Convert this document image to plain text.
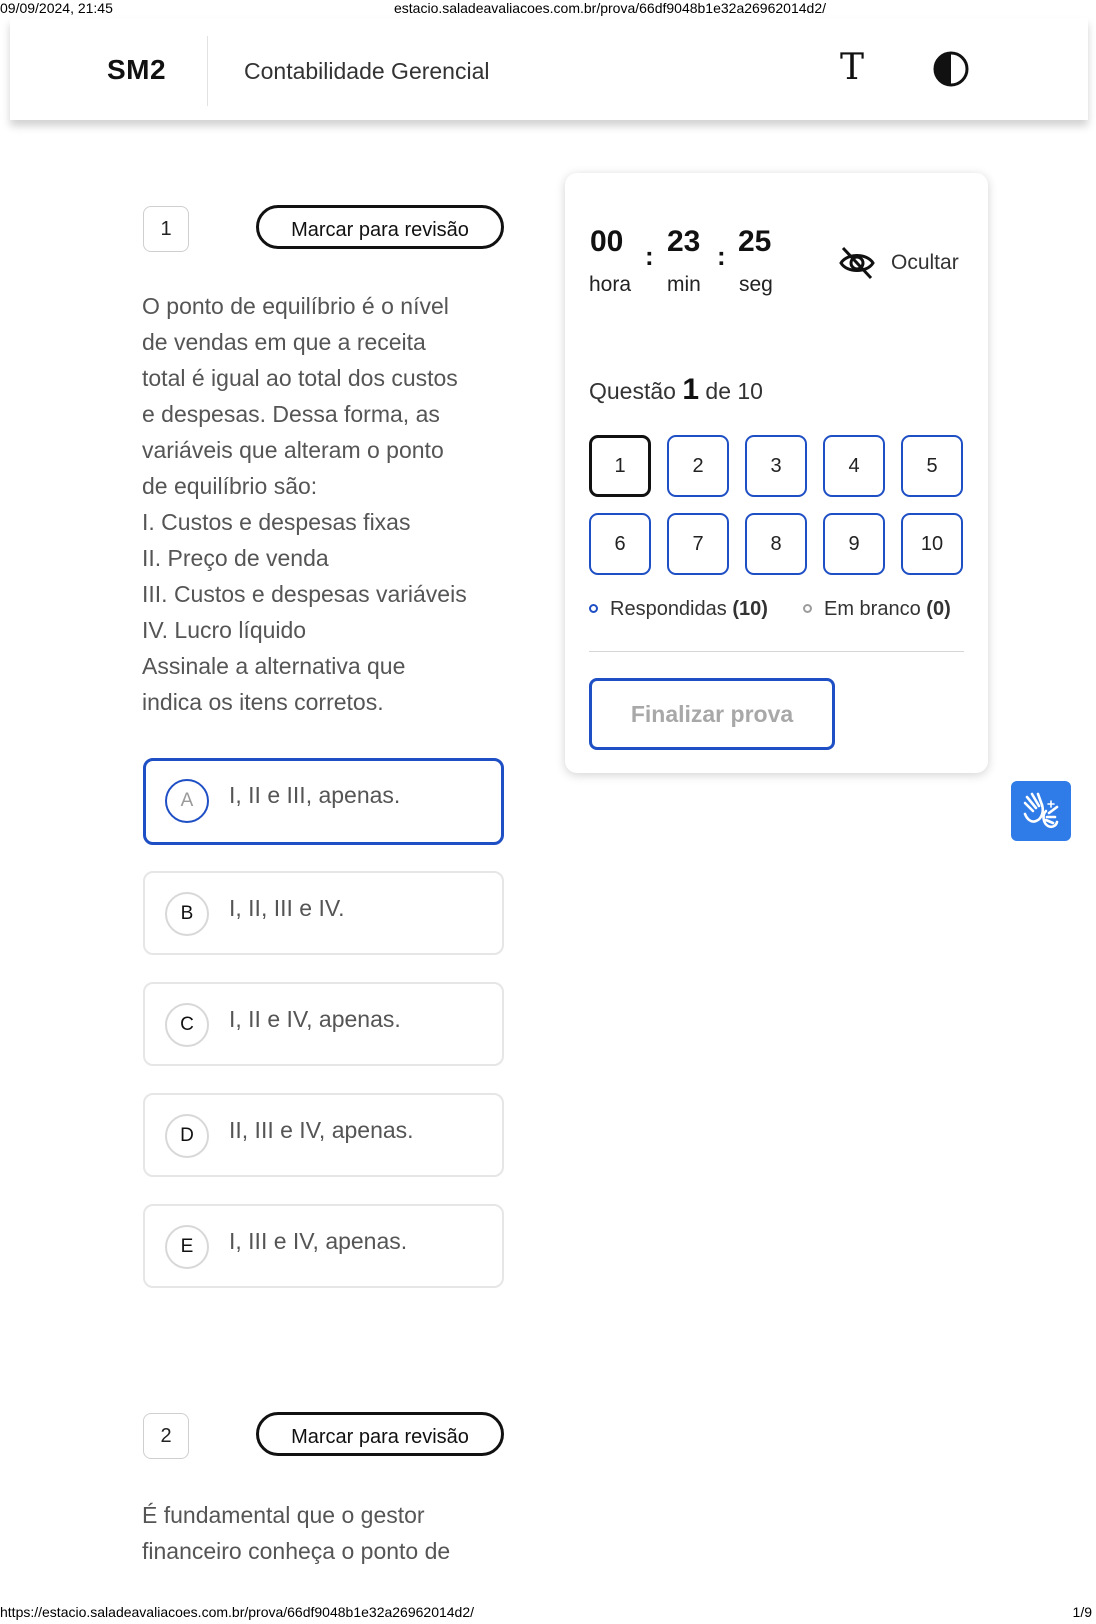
09/09/2024, 21:45	estacio.saladeavaliacoes.com.br/prova/66df9048b1e32a26962014d2/
https://estacio.saladeavaliacoes.com.br/prova/66df9048b1e32a26962014d2/	1/9
SM2	Contabilidade Gerencial	T
1	Marcar para revisão
O ponto de equilíbrio é o nível
de vendas em que a receita
total é igual ao total dos custos
e despesas. Dessa forma, as
variáveis que alteram o ponto
de equilíbrio são:
I. Custos e despesas fixas
II. Preço de venda
III. Custos e despesas variáveis
IV. Lucro líquido
Assinale a alternativa que
indica os itens corretos.
A	I, II e III, apenas.
B	I, II, III e IV.
C	I, II e IV, apenas.
D	II, III e IV, apenas.
E	I, III e IV, apenas.
2	Marcar para revisão
É fundamental que o gestor
financeiro conheça o ponto de
00 : 23 : 25
hora min seg
Ocultar
Questão 1 de 10
1	2	3	4	5
6	7	8	9	10
Respondidas (10)	Em branco (0)
Finalizar prova
